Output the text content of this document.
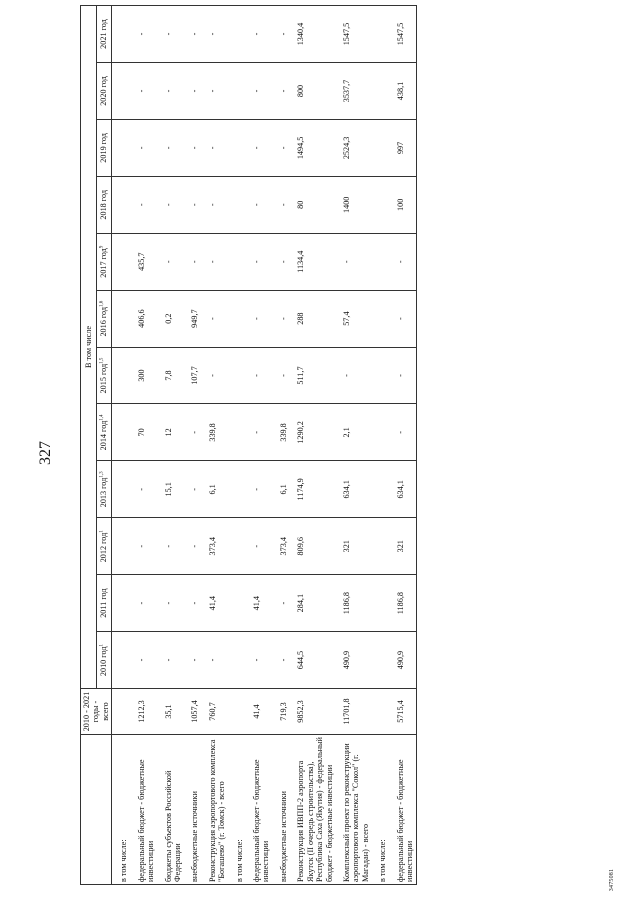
327
	2010 - 2021 годы - всего	В том числе											
		2010 год$^1$	2011 год	2012 год$^1$	2013 год$^{1,3}$	2014 год$^{1,4}$	2015 год$^{1,5}$	2016 год$^{1,6}$	2017 год$^9$	2018 год	2019 год	2020 год	2021 год
в том числе:													
федеральный бюджет - бюджетные инвестиции	1212,3	-	-	-	-	70	300	406,6	435,7	-	-	-	-
бюджеты субъектов Российской Федерации	35,1	-	-	-	15,1	12	7,8	0,2	-	-	-	-	-
внебюджетные источники	1057,4	-	-	-	-	-	107,7	949,7	-	-	-	-	-
Реконструкция аэропортового комплекса "Богашево" (г. Томск) - всего	760,7	-	41,4	373,4	6,1	339,8	-	-	-	-	-	-	-
в том числе:													
федеральный бюджет - бюджетные инвестиции	41,4	-	41,4	-	-	-	-	-	-	-	-	-	-
внебюджетные источники	719,3	-	-	373,4	6,1	339,8	-	-	-	-	-	-	-
Реконструкция ИВПП-2 аэропорта Якутск (II очередь строительства), Республика Саха (Якутия) - федеральный бюджет - бюджетные инвестиции	9852,3	644,5	284,1	809,6	1174,9	1290,2	511,7	288	1134,4	80	1494,5	800	1340,4
Комплексный проект по реконструкции аэропортового комплекса "Сокол" (г. Магадан) - всего	11701,8	490,9	1186,8	321	634,1	2,1	-	57,4	-	1400	2524,3	3537,7	1547,5
в том числе:													
федеральный бюджет - бюджетные инвестиции	5715,4	490,9	1186,8	321	634,1	-	-	-	-	100	997	438,1	1547,5
3475081
